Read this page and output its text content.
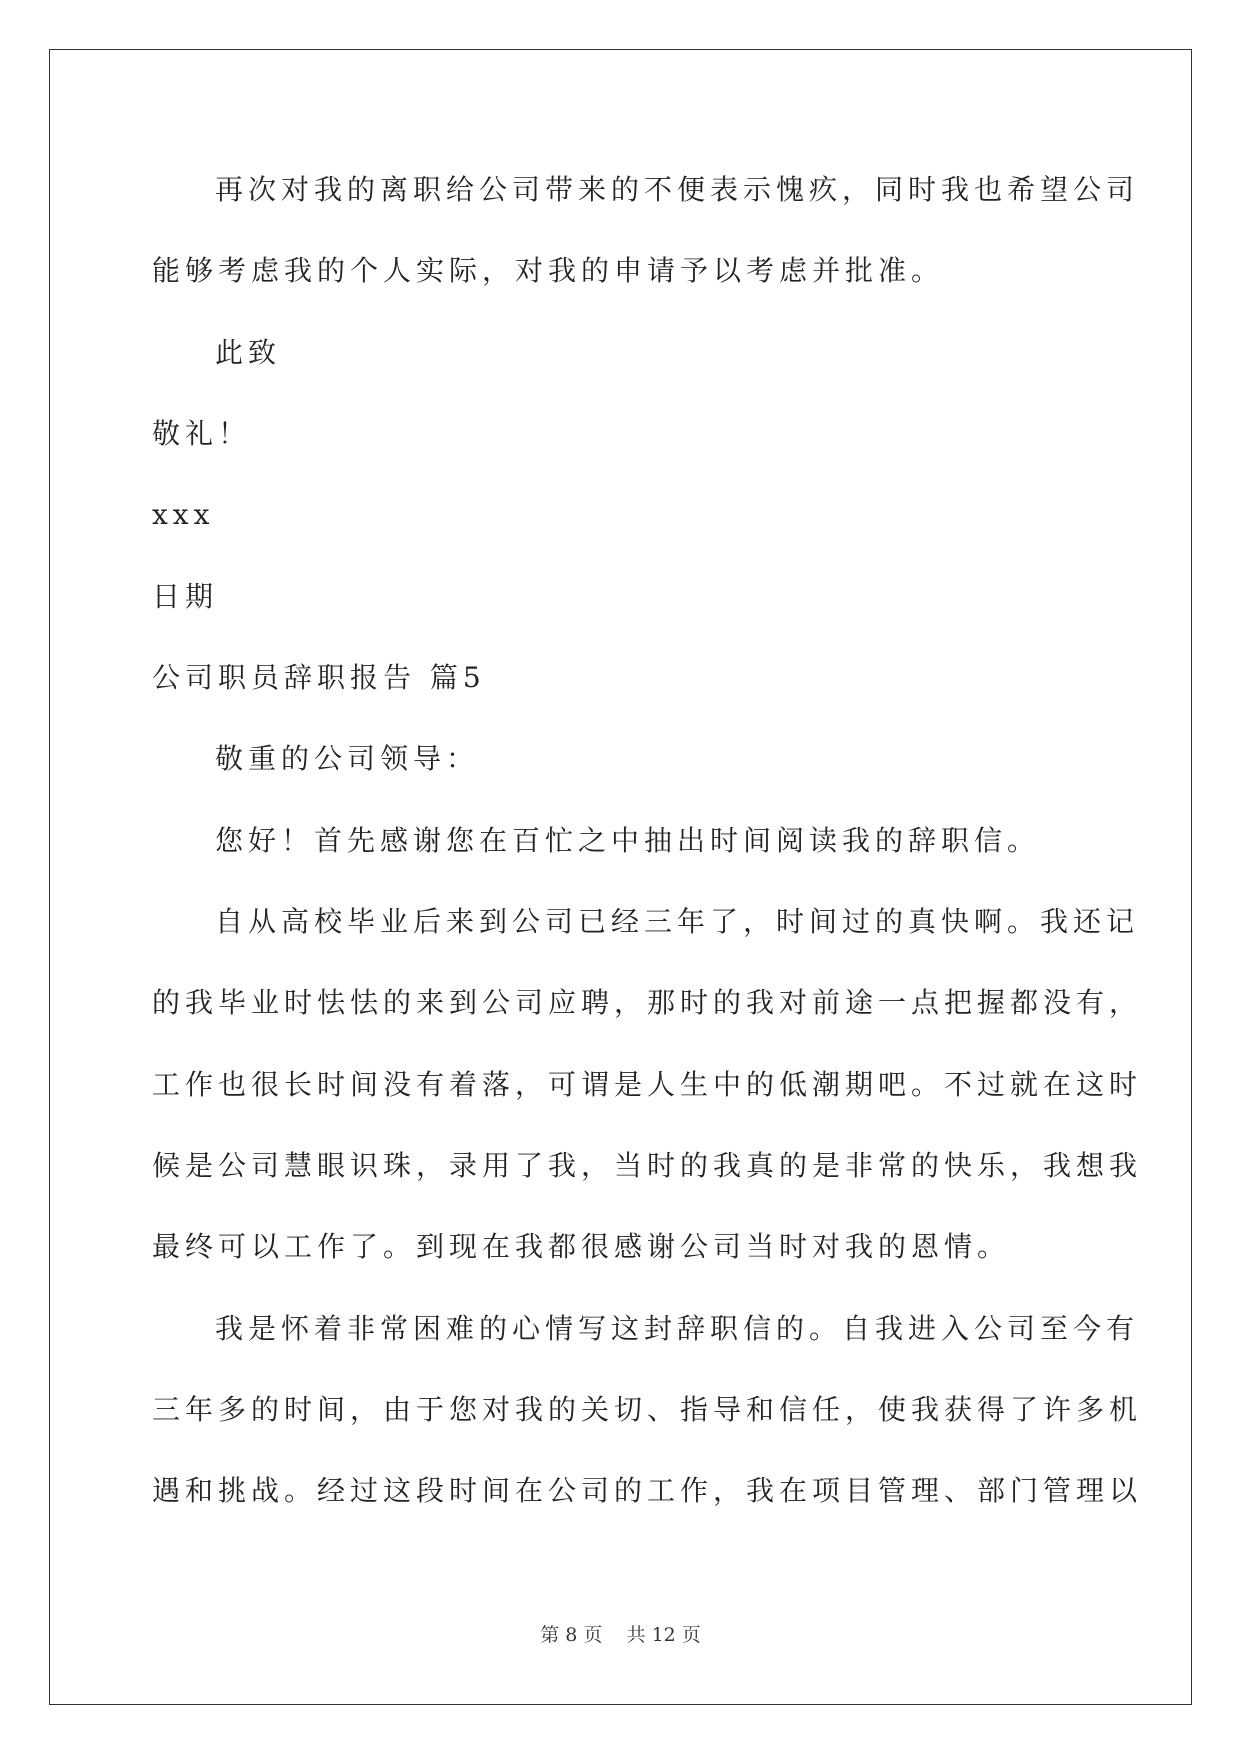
再次对我的离职给公司带来的不便表示愧疚，同时我也希望公司
能够考虑我的个人实际，对我的申请予以考虑并批准。
此致
敬礼！
xxx
日期
公司职员辞职报告 篇5
敬重的公司领导：
您好！首先感谢您在百忙之中抽出时间阅读我的辞职信。
自从高校毕业后来到公司已经三年了，时间过的真快啊。我还记
的我毕业时怯怯的来到公司应聘，那时的我对前途一点把握都没有，
工作也很长时间没有着落，可谓是人生中的低潮期吧。不过就在这时
候是公司慧眼识珠，录用了我，当时的我真的是非常的快乐，我想我
最终可以工作了。到现在我都很感谢公司当时对我的恩情。
我是怀着非常困难的心情写这封辞职信的。自我进入公司至今有
三年多的时间，由于您对我的关切、指导和信任，使我获得了许多机
遇和挑战。经过这段时间在公司的工作，我在项目管理、部门管理以
第 8 页    共 12 页
